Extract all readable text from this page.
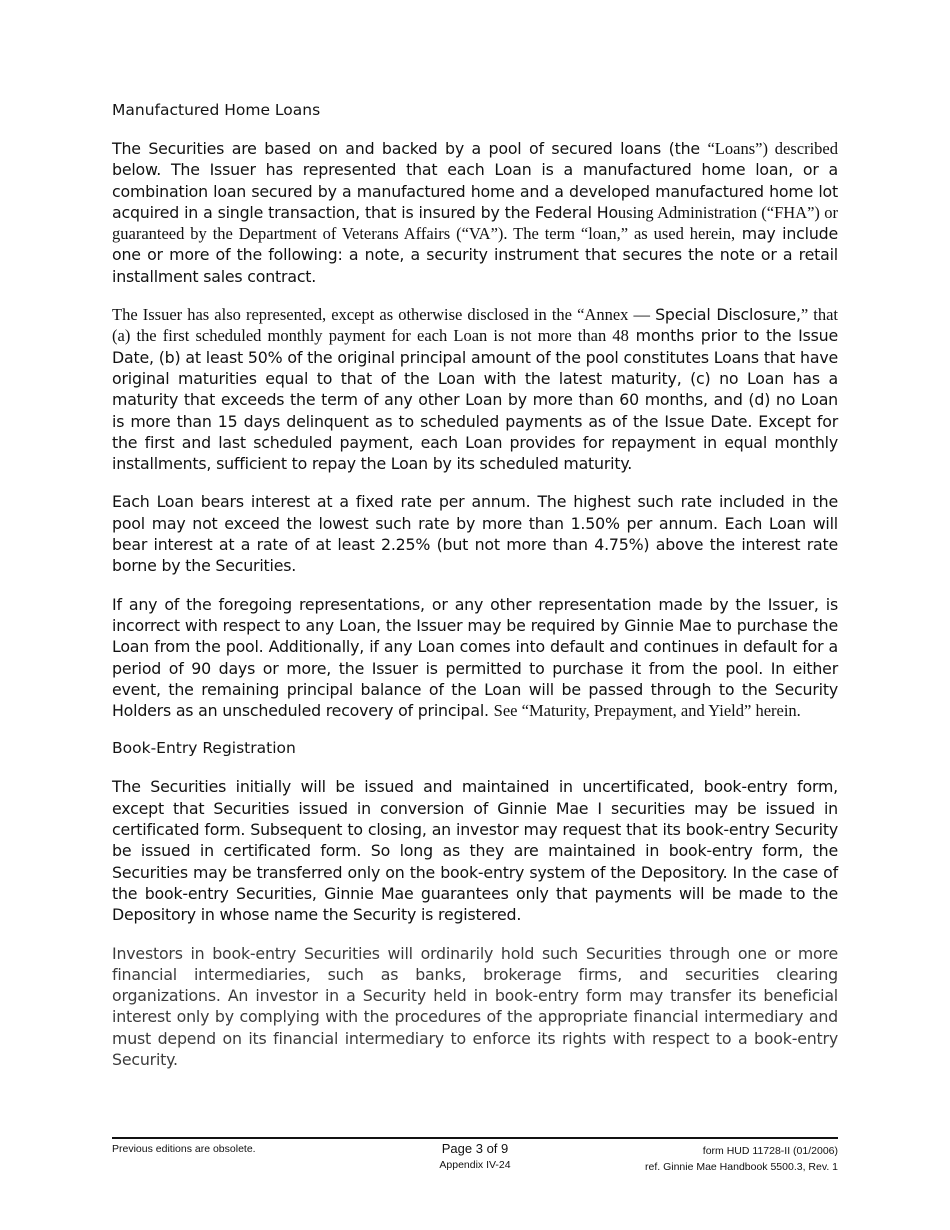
Manufactured Home Loans

The Securities are based on and backed by a pool of secured loans (the “Loans”) described below. The Issuer has represented that each Loan is a manufactured home loan, or a combination loan secured by a manufactured home and a developed manufactured home lot acquired in a single transaction, that is insured by the Federal Housing Administration (“FHA”) or guaranteed by the Department of Veterans Affairs (“VA”). The term “loan,” as used herein, may include one or more of the following: a note, a security instrument that secures the note or a retail installment sales contract.

The Issuer has also represented, except as otherwise disclosed in the “Annex — Special Disclosure,” that (a) the first scheduled monthly payment for each Loan is not more than 48 months prior to the Issue Date, (b) at least 50% of the original principal amount of the pool constitutes Loans that have original maturities equal to that of the Loan with the latest maturity, (c) no Loan has a maturity that exceeds the term of any other Loan by more than 60 months, and (d) no Loan is more than 15 days delinquent as to scheduled payments as of the Issue Date. Except for the first and last scheduled payment, each Loan provides for repayment in equal monthly installments, sufficient to repay the Loan by its scheduled maturity.

Each Loan bears interest at a fixed rate per annum. The highest such rate included in the pool may not exceed the lowest such rate by more than 1.50% per annum. Each Loan will bear interest at a rate of at least 2.25% (but not more than 4.75%) above the interest rate borne by the Securities.

If any of the foregoing representations, or any other representation made by the Issuer, is incorrect with respect to any Loan, the Issuer may be required by Ginnie Mae to purchase the Loan from the pool. Additionally, if any Loan comes into default and continues in default for a period of 90 days or more, the Issuer is permitted to purchase it from the pool. In either event, the remaining principal balance of the Loan will be passed through to the Security Holders as an unscheduled recovery of principal. See “Maturity, Prepayment, and Yield” herein.

Book-Entry Registration

The Securities initially will be issued and maintained in uncertificated, book-entry form, except that Securities issued in conversion of Ginnie Mae I securities may be issued in certificated form. Subsequent to closing, an investor may request that its book-entry Security be issued in certificated form. So long as they are maintained in book-entry form, the Securities may be transferred only on the book-entry system of the Depository. In the case of the book-entry Securities, Ginnie Mae guarantees only that payments will be made to the Depository in whose name the Security is registered.

Investors in book-entry Securities will ordinarily hold such Securities through one or more financial intermediaries, such as banks, brokerage firms, and securities clearing organizations. An investor in a Security held in book-entry form may transfer its beneficial interest only by complying with the procedures of the appropriate financial intermediary and must depend on its financial intermediary to enforce its rights with respect to a book-entry Security.

Previous editions are obsolete.	Page 3 of 9
Appendix IV-24
form HUD 11728-II (01/2006)
ref. Ginnie Mae Handbook 5500.3, Rev. 1
